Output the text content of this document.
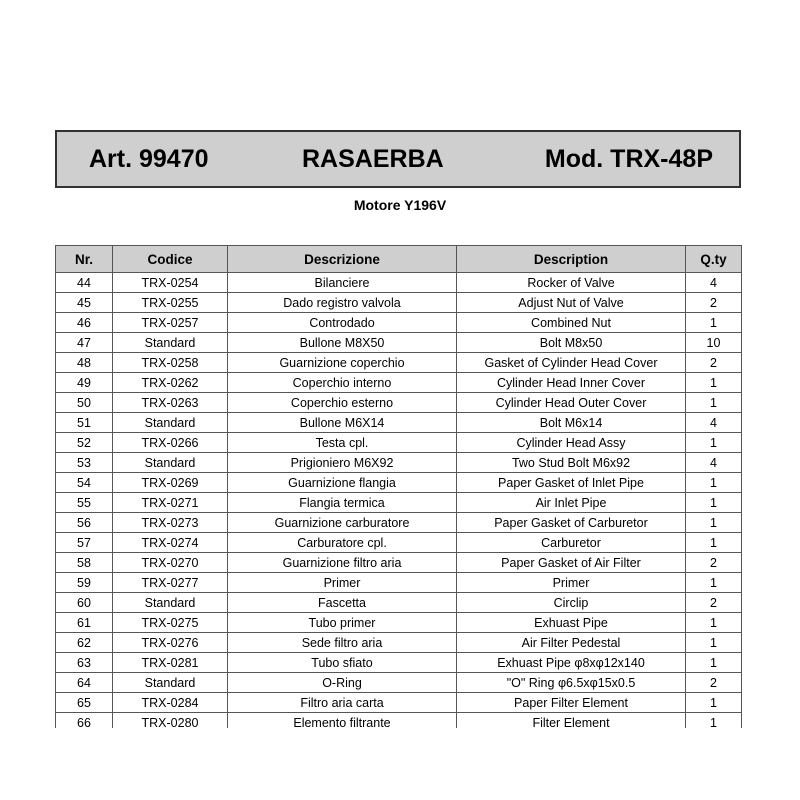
Art. 99470	RASAERBA	Mod. TRX-48P
Motore Y196V
Nr.	Codice	Descrizione	Description	Q.ty
44	TRX-0254	Bilanciere	Rocker of Valve	4
45	TRX-0255	Dado registro valvola	Adjust Nut of Valve	2
46	TRX-0257	Controdado	Combined Nut	1
47	Standard	Bullone M8X50	Bolt M8x50	10
48	TRX-0258	Guarnizione coperchio	Gasket of Cylinder Head Cover	2
49	TRX-0262	Coperchio interno	Cylinder Head Inner Cover	1
50	TRX-0263	Coperchio esterno	Cylinder Head Outer Cover	1
51	Standard	Bullone M6X14	Bolt M6x14	4
52	TRX-0266	Testa cpl.	Cylinder Head Assy	1
53	Standard	Prigioniero M6X92	Two Stud Bolt M6x92	4
54	TRX-0269	Guarnizione flangia	Paper Gasket of Inlet Pipe	1
55	TRX-0271	Flangia termica	Air Inlet Pipe	1
56	TRX-0273	Guarnizione carburatore	Paper Gasket of Carburetor	1
57	TRX-0274	Carburatore cpl.	Carburetor	1
58	TRX-0270	Guarnizione filtro aria	Paper Gasket of Air Filter	2
59	TRX-0277	Primer	Primer	1
60	Standard	Fascetta	Circlip	2
61	TRX-0275	Tubo primer	Exhuast Pipe	1
62	TRX-0276	Sede filtro aria	Air Filter Pedestal	1
63	TRX-0281	Tubo sfiato	Exhuast Pipe φ8xφ12x140	1
64	Standard	O-Ring	"O" Ring φ6.5xφ15x0.5	2
65	TRX-0284	Filtro aria carta	Paper Filter Element	1
66	TRX-0280	Elemento filtrante	Filter Element	1
